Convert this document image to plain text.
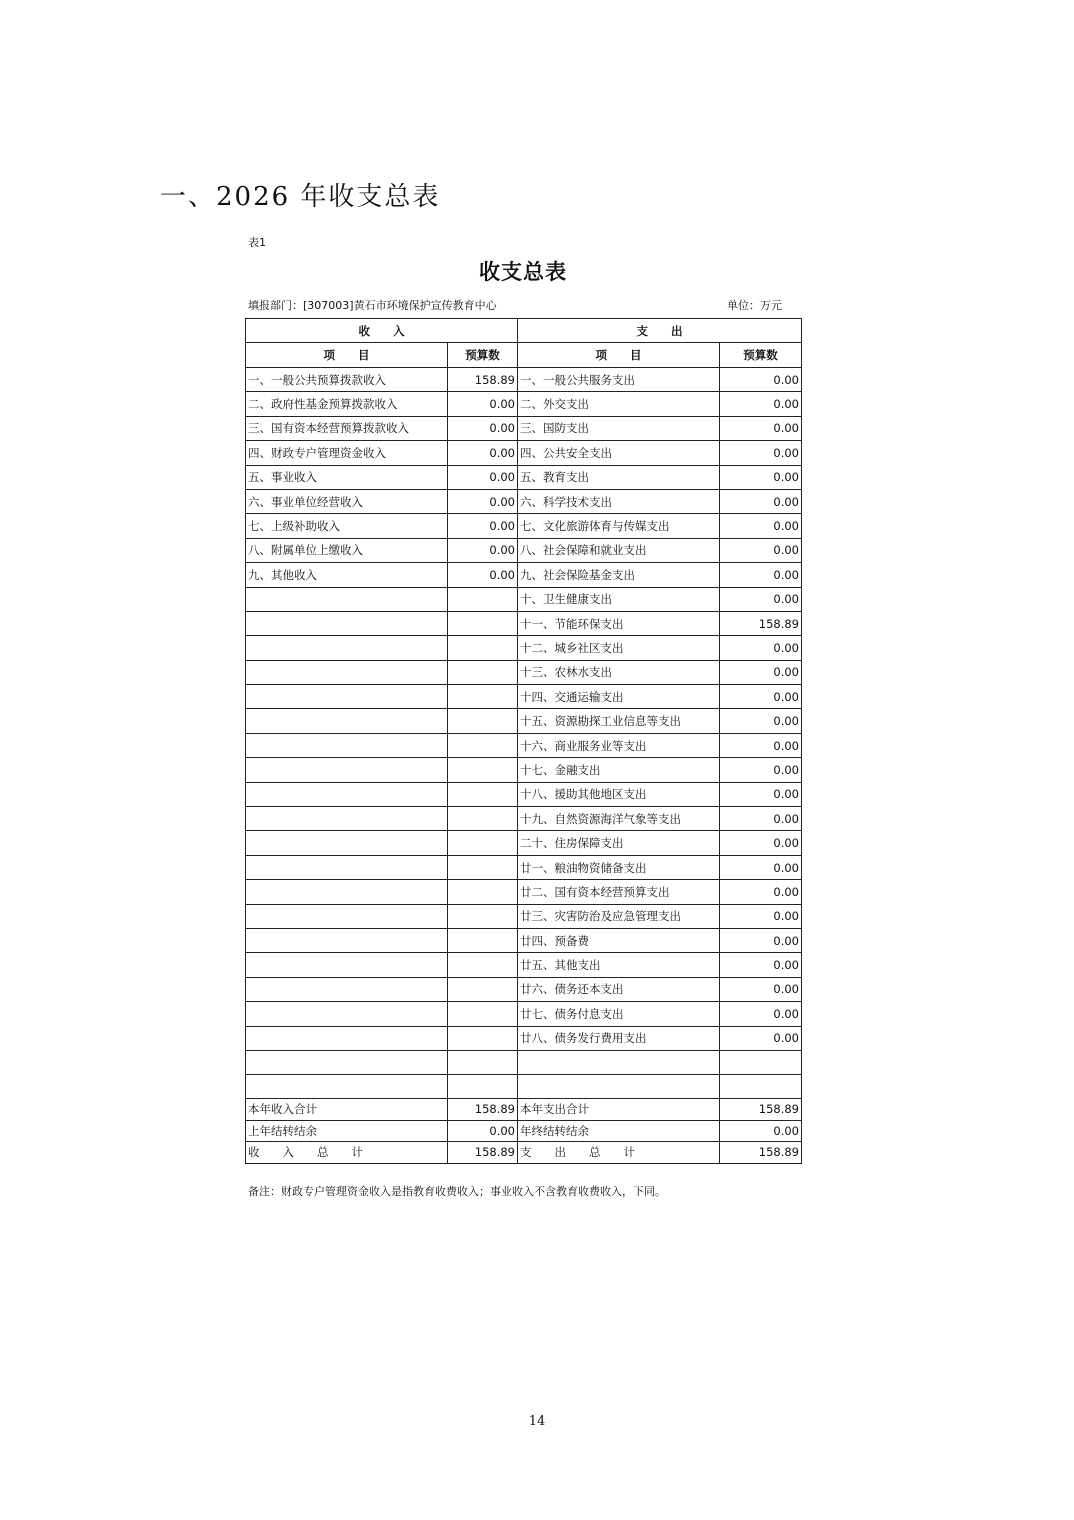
一、2026 年收支总表
表1
收支总表
填报部门：[307003]黄石市环境保护宣传教育中心	单位：万元
收　　入		支　　出	
项　　目	预算数	项　　目	预算数
一、一般公共预算拨款收入	158.89	一、一般公共服务支出	0.00
二、政府性基金预算拨款收入	0.00	二、外交支出	0.00
三、国有资本经营预算拨款收入	0.00	三、国防支出	0.00
四、财政专户管理资金收入	0.00	四、公共安全支出	0.00
五、事业收入	0.00	五、教育支出	0.00
六、事业单位经营收入	0.00	六、科学技术支出	0.00
七、上级补助收入	0.00	七、文化旅游体育与传媒支出	0.00
八、附属单位上缴收入	0.00	八、社会保障和就业支出	0.00
九、其他收入	0.00	九、社会保险基金支出	0.00
		十、卫生健康支出	0.00
		十一、节能环保支出	158.89
		十二、城乡社区支出	0.00
		十三、农林水支出	0.00
		十四、交通运输支出	0.00
		十五、资源勘探工业信息等支出	0.00
		十六、商业服务业等支出	0.00
		十七、金融支出	0.00
		十八、援助其他地区支出	0.00
		十九、自然资源海洋气象等支出	0.00
		二十、住房保障支出	0.00
		廿一、粮油物资储备支出	0.00
		廿二、国有资本经营预算支出	0.00
		廿三、灾害防治及应急管理支出	0.00
		廿四、预备费	0.00
		廿五、其他支出	0.00
		廿六、债务还本支出	0.00
		廿七、债务付息支出	0.00
		廿八、债务发行费用支出	0.00

本年收入合计	158.89	本年支出合计	158.89
上年结转结余	0.00	年终结转结余	0.00
收　　入　　总　　计	158.89	支　　出　　总　　计	158.89
备注：财政专户管理资金收入是指教育收费收入；事业收入不含教育收费收入，下同。
14
